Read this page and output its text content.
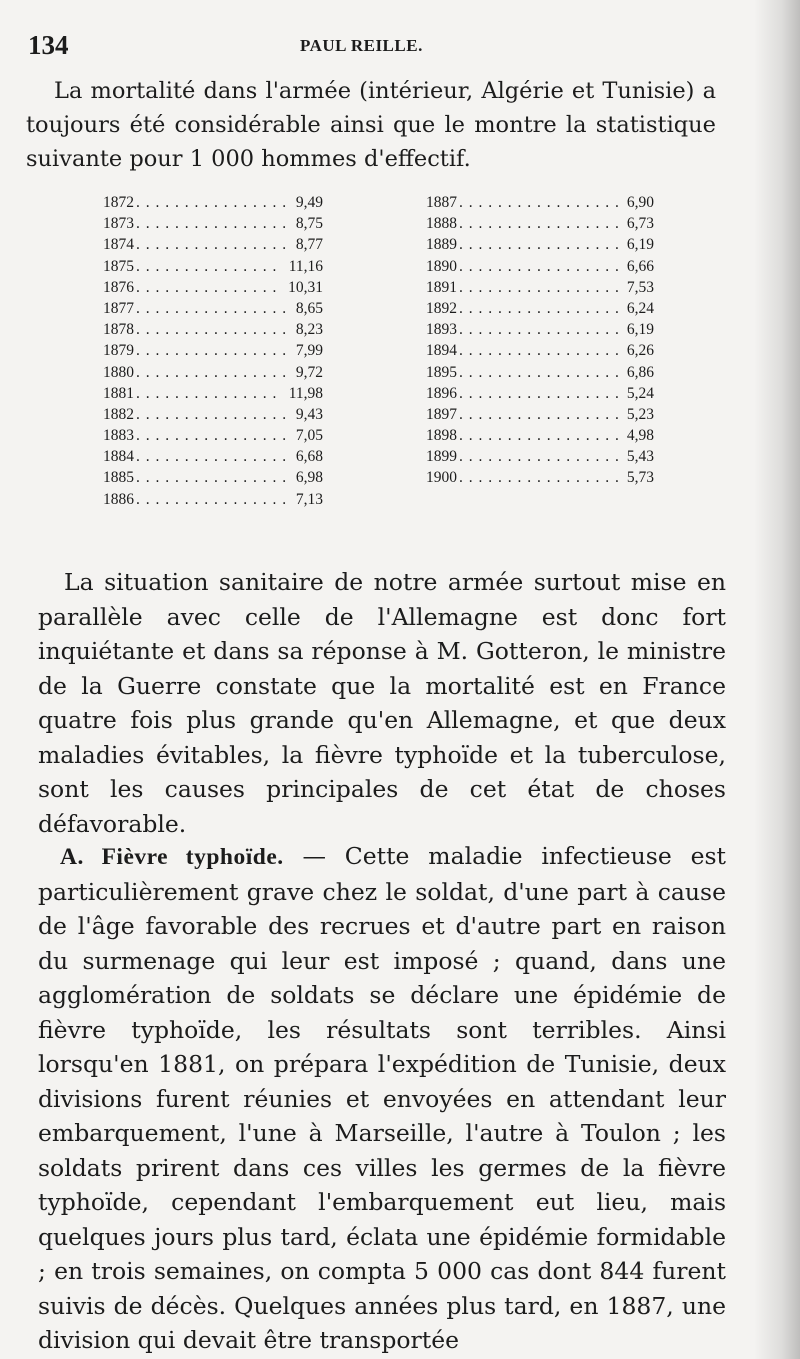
134	PAUL REILLE.

La mortalité dans l'armée (intérieur, Algérie et Tunisie) a toujours été considérable ainsi que le montre la statistique suivante pour 1 000 hommes d'effectif.

1872 . . .	9,49
1873 . . .	8,75
1874 . . .	8,77
1875 . . .	11,16
1876 . . .	10,31
1877 . . .	8,65
1878 . . .	8,23
1879 . . .	7,99
1880 . . .	9,72
1881 . . .	11,98
1882 . . .	9,43
1883 . . .	7,05
1884 . . .	6,68
1885 . . .	6,98
1886 . . .	7,13
1887 . . .	6,90
1888 . . .	6,73
1889 . . .	6,19
1890 . . .	6,66
1891 . . .	7,53
1892 . . .	6,24
1893 . . .	6,19
1894 . . .	6,26
1895 . . .	6,86
1896 . . .	5,24
1897 . . .	5,23
1898 . . .	4,98
1899 . . .	5,43
1900 . . .	5,73

La situation sanitaire de notre armée surtout mise en parallèle avec celle de l'Allemagne est donc fort inquiétante et dans sa réponse à M. Gotteron, le ministre de la Guerre constate que la mortalité est en France quatre fois plus grande qu'en Allemagne, et que deux maladies évitables, la fièvre typhoïde et la tuberculose, sont les causes principales de cet état de choses défavorable.

A. Fièvre typhoïde. — Cette maladie infectieuse est particulièrement grave chez le soldat, d'une part à cause de l'âge favorable des recrues et d'autre part en raison du surmenage qui leur est imposé ; quand, dans une agglomération de soldats se déclare une épidémie de fièvre typhoïde, les résultats sont terribles. Ainsi lorsqu'en 1881, on prépara l'expédition de Tunisie, deux divisions furent réunies et envoyées en attendant leur embarquement, l'une à Marseille, l'autre à Toulon ; les soldats prirent dans ces villes les germes de la fièvre typhoïde, cependant l'embarquement eut lieu, mais quelques jours plus tard, éclata une épidémie formidable ; en trois semaines, on compta 5 000 cas dont 844 furent suivis de décès. Quelques années plus tard, en 1887, une division qui devait être transportée
